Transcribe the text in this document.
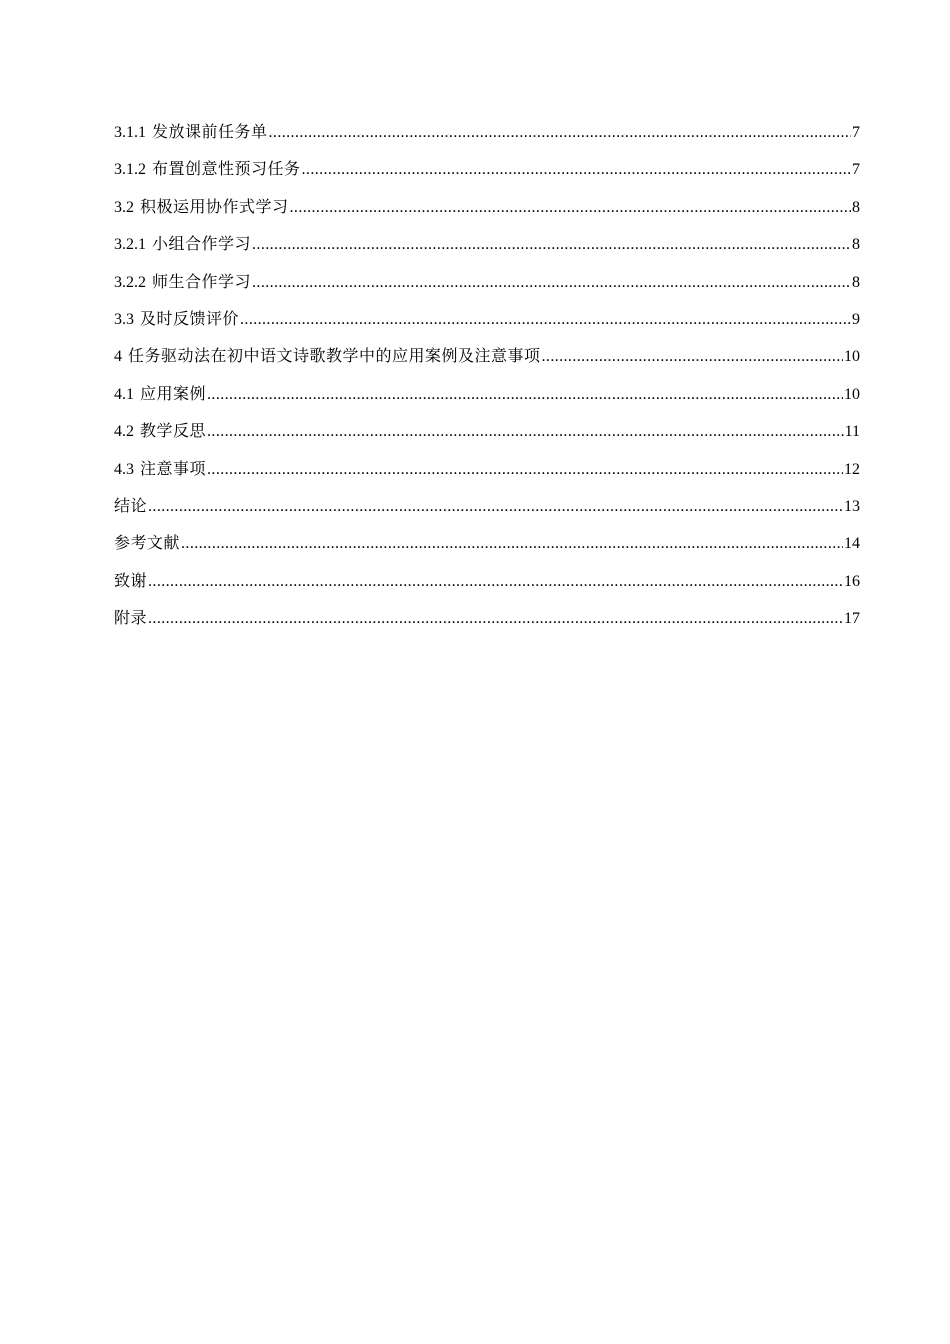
3.1.1 发放课前任务单 .....	7
3.1.2 布置创意性预习任务 .....	7
3.2 积极运用协作式学习 .....	8
3.2.1 小组合作学习 .....	8
3.2.2 师生合作学习 .....	8
3.3 及时反馈评价 .....	9
4 任务驱动法在初中语文诗歌教学中的应用案例及注意事项 .....	10
4.1 应用案例 .....	10
4.2 教学反思 .....	11
4.3 注意事项 .....	12
结论 .....	13
参考文献 .....	14
致谢 .....	16
附录 .....	17
